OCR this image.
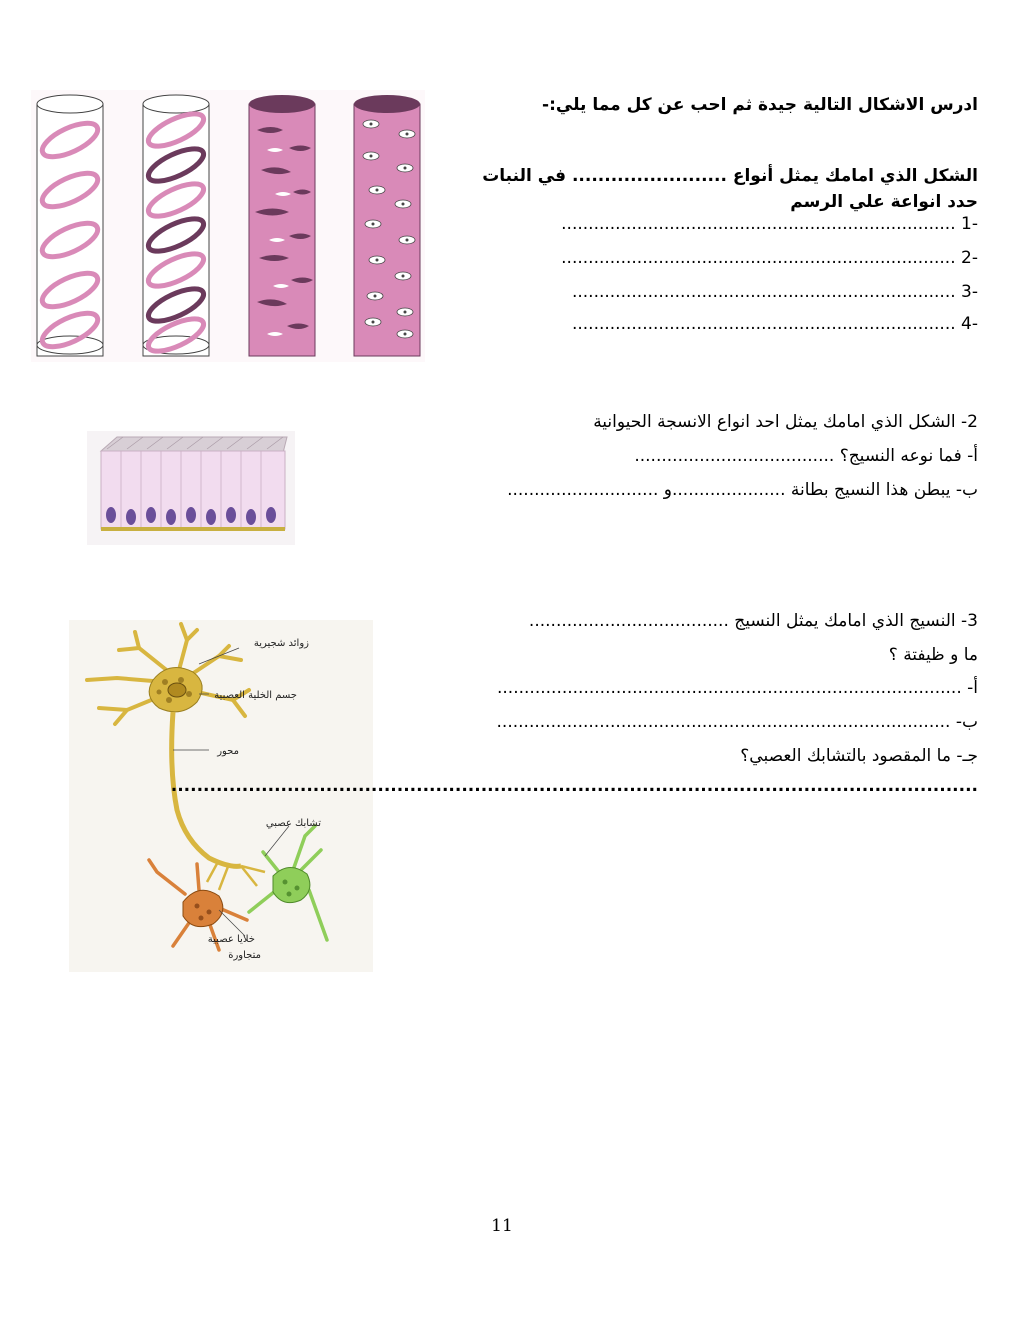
ادرس الاشكال التالية جيدة ثم احب عن كل مما يلي:-
الشكل الذي امامك يمثل أنواع ........................ في النبات
حدد انواعة علي الرسم
-1 .........................................................................
-2 .........................................................................
-3 .......................................................................
-4 .......................................................................
2- الشكل الذي امامك يمثل احد انواع الانسجة الحيوانية
أ- فما نوعه النسيج؟ .....................................
ب- يبطن هذا النسيج بطانة .....................و ............................
زوائد شجيرية
جسم الخلية العصبية
محور
تشابك عصبي
خلايا عصبية
متجاورة
3- النسيج الذي امامك يمثل النسيج .....................................
ما و ظيفتة ؟
أ- ......................................................................................
ب- ....................................................................................
جـ- ما المقصود بالتشابك العصبي؟
.............................................................................................................................
11
